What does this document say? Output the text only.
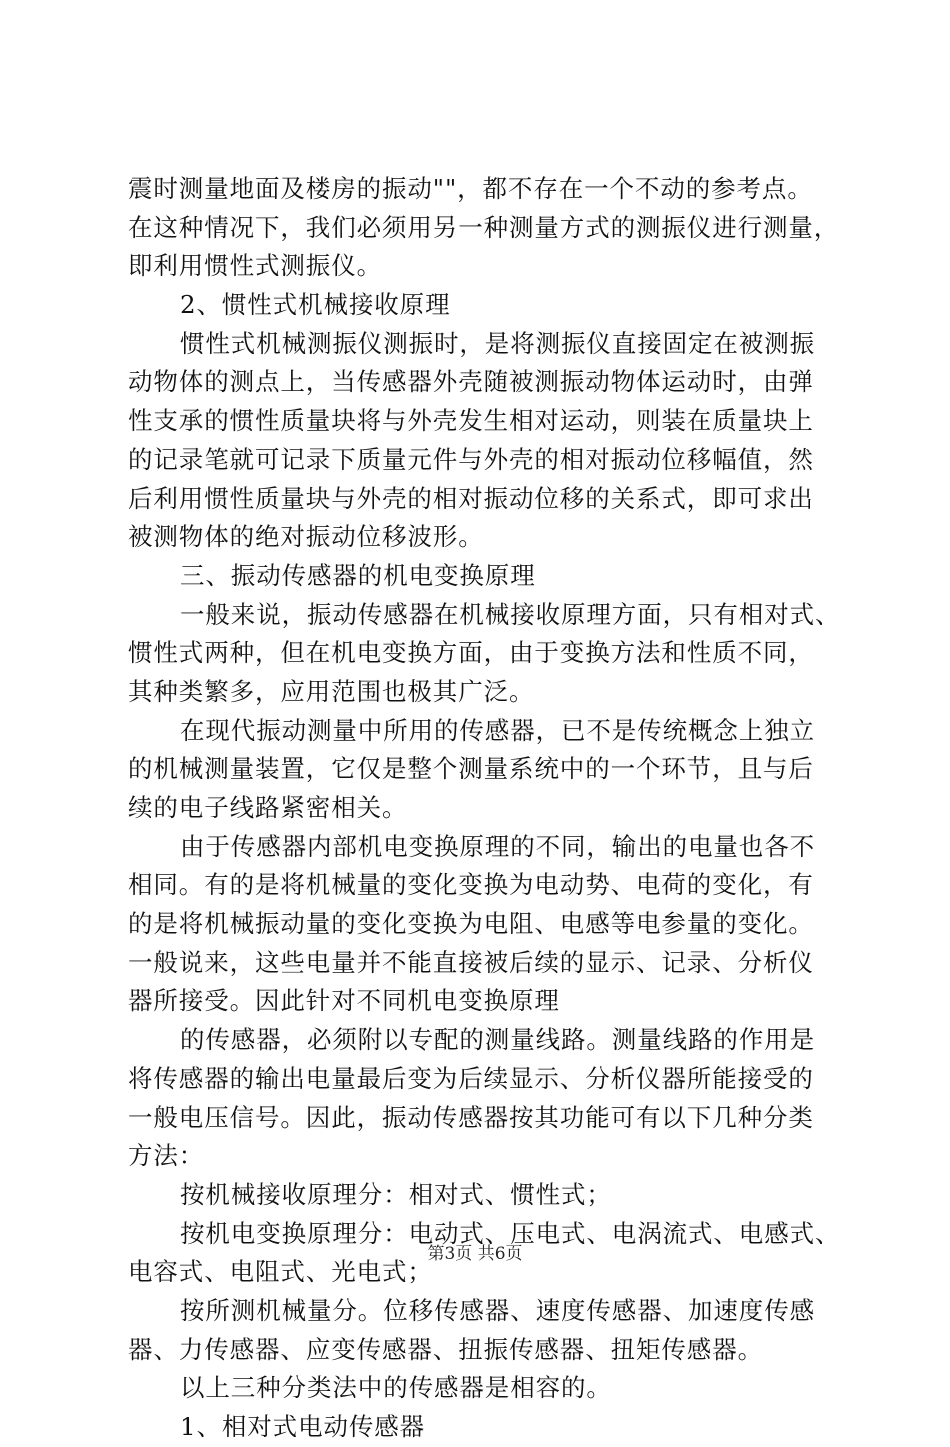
震时测量地面及楼房的振动""，都不存在一个不动的参考点。
在这种情况下，我们必须用另一种测量方式的测振仪进行测量，
即利用惯性式测振仪。
2、惯性式机械接收原理
惯性式机械测振仪测振时，是将测振仪直接固定在被测振
动物体的测点上，当传感器外壳随被测振动物体运动时，由弹
性支承的惯性质量块将与外壳发生相对运动，则装在质量块上
的记录笔就可记录下质量元件与外壳的相对振动位移幅值，然
后利用惯性质量块与外壳的相对振动位移的关系式，即可求出
被测物体的绝对振动位移波形。
三、振动传感器的机电变换原理
一般来说，振动传感器在机械接收原理方面，只有相对式、
惯性式两种，但在机电变换方面，由于变换方法和性质不同，
其种类繁多，应用范围也极其广泛。
在现代振动测量中所用的传感器，已不是传统概念上独立
的机械测量装置，它仅是整个测量系统中的一个环节，且与后
续的电子线路紧密相关。
由于传感器内部机电变换原理的不同，输出的电量也各不
相同。有的是将机械量的变化变换为电动势、电荷的变化，有
的是将机械振动量的变化变换为电阻、电感等电参量的变化。
一般说来，这些电量并不能直接被后续的显示、记录、分析仪
器所接受。因此针对不同机电变换原理
的传感器，必须附以专配的测量线路。测量线路的作用是
将传感器的输出电量最后变为后续显示、分析仪器所能接受的
一般电压信号。因此，振动传感器按其功能可有以下几种分类
方法：
按机械接收原理分：相对式、惯性式；
按机电变换原理分：电动式、压电式、电涡流式、电感式、
电容式、电阻式、光电式；
按所测机械量分。位移传感器、速度传感器、加速度传感
器、力传感器、应变传感器、扭振传感器、扭矩传感器。
以上三种分类法中的传感器是相容的。
1、相对式电动传感器
第3页 共6页
